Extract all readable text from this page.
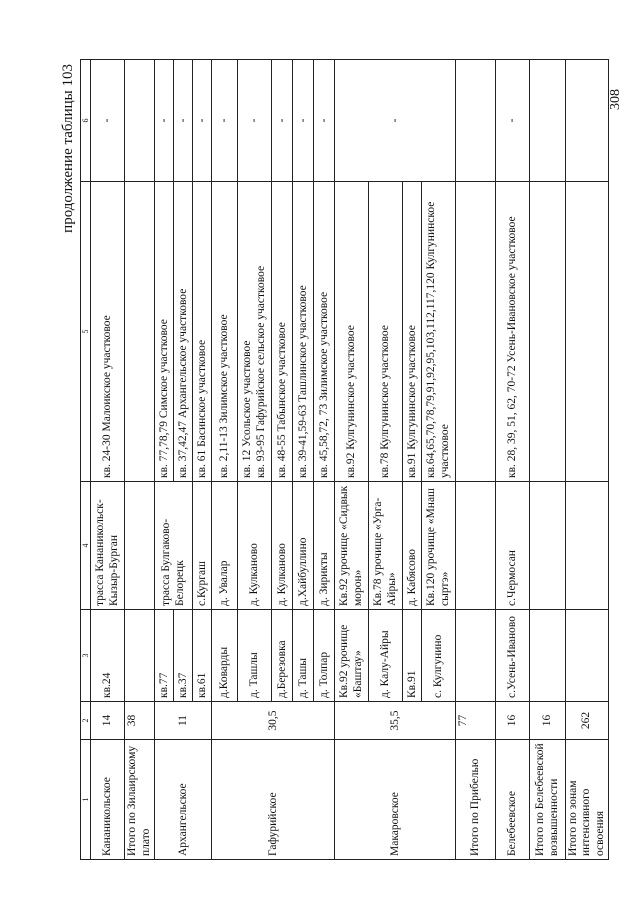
308
продолжение таблицы 103
1	2	3	4	5	6
Кананикольское	14	кв.24	трасса Кананикольск-Кызыр-Бурган	кв. 24-30 Малоикское участковое	-
Итого по Зилаирскому плато	38				
Архангельское	11	кв.77	трасса Булгаково-Белорецк	кв. 77,78,79 Симское участковое	-
		кв.37		кв. 37,42,47 Архангельское участковое	-
		кв.61	с.Кургаш	кв. 61 Басинское участковое	-
Гафурийское	30,5	д.Коварды	д. Увалар	кв. 2,11-13 Зилимское участковое	-
		д. Ташлы	д. Кулканово	кв. 12 Усольское участковое кв. 93-95 Гафурийское сельское участковое	-
		д.Березовка	д. Кулканово	кв. 48-55 Табынское участковое	-
		д. Ташы	д.Хайбуллино	кв. 39-41,59-63 Ташлинское участковое	-
		д. Толпар	д. Зирикты	кв. 45,58,72, 73 Зилимское участковое	-
Макаровское	35,5	Кв.92 урочище «Баштау»	Кв.92 урочище «Сидвык морон»	кв.92 Кулгунинское участковое	-
		д. Калу-Айры	Кв.78 урочище «Урга-Айры»	кв.78 Кулгунинское участковое	
		Кв.91	д. Кабясово	кв.91 Кулгунинское участковое	
		с. Кулгунино	Кв.120 урочище «Мнаш сыртэ»	кв.64,65,70,78,79,91,92,95,103,112,117,120 Кулгунинское участковое	
Итого по Прибелью	77				
Белебеевское	16	с.Усень-Иваново	с.Чермосан	кв. 28, 39, 51, 62, 70-72 Усень-Ивановское участковое	-
Итого по Белебеевской возвышенности	16				
Итого по зонам интенсивного освоения	262				
